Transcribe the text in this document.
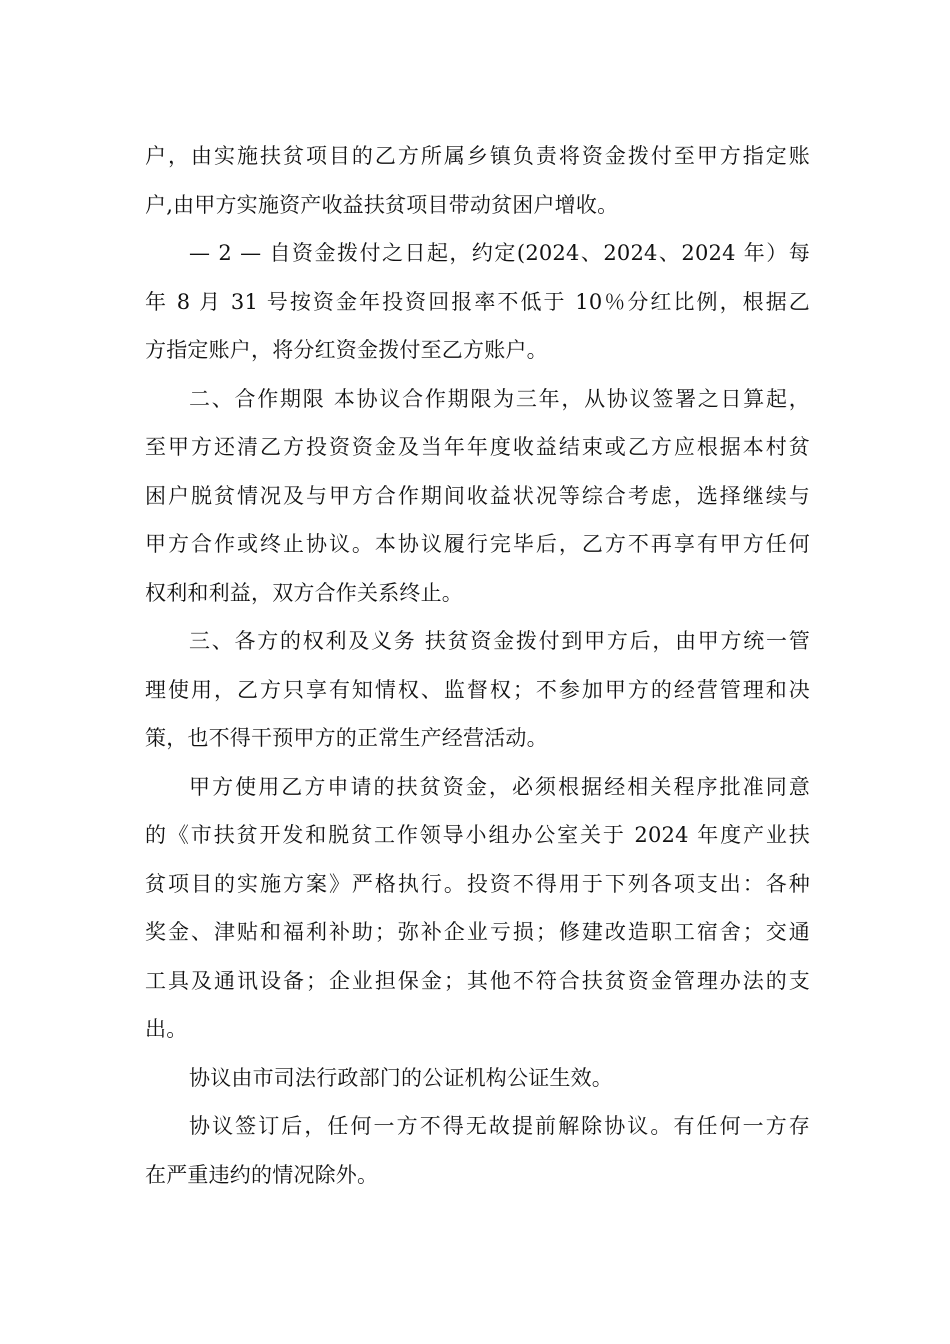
户，由实施扶贫项目的乙方所属乡镇负责将资金拨付至甲方指定账
户,由甲方实施资产收益扶贫项目带动贫困户增收。
— 2 — 自资金拨付之日起，约定(2024、2024、2024 年）每
年 8 月 31 号按资金年投资回报率不低于 10％分红比例，根据乙
方指定账户，将分红资金拨付至乙方账户。
二、合作期限 本协议合作期限为三年，从协议签署之日算起，
至甲方还清乙方投资资金及当年年度收益结束或乙方应根据本村贫
困户脱贫情况及与甲方合作期间收益状况等综合考虑，选择继续与
甲方合作或终止协议。本协议履行完毕后，乙方不再享有甲方任何
权利和利益，双方合作关系终止。
三、各方的权利及义务 扶贫资金拨付到甲方后，由甲方统一管
理使用，乙方只享有知情权、监督权；不参加甲方的经营管理和决
策，也不得干预甲方的正常生产经营活动。
甲方使用乙方申请的扶贫资金，必须根据经相关程序批准同意
的《市扶贫开发和脱贫工作领导小组办公室关于 2024 年度产业扶
贫项目的实施方案》严格执行。投资不得用于下列各项支出：各种
奖金、津贴和福利补助；弥补企业亏损；修建改造职工宿舍；交通
工具及通讯设备；企业担保金；其他不符合扶贫资金管理办法的支
出。
协议由市司法行政部门的公证机构公证生效。
协议签订后，任何一方不得无故提前解除协议。有任何一方存
在严重违约的情况除外。
